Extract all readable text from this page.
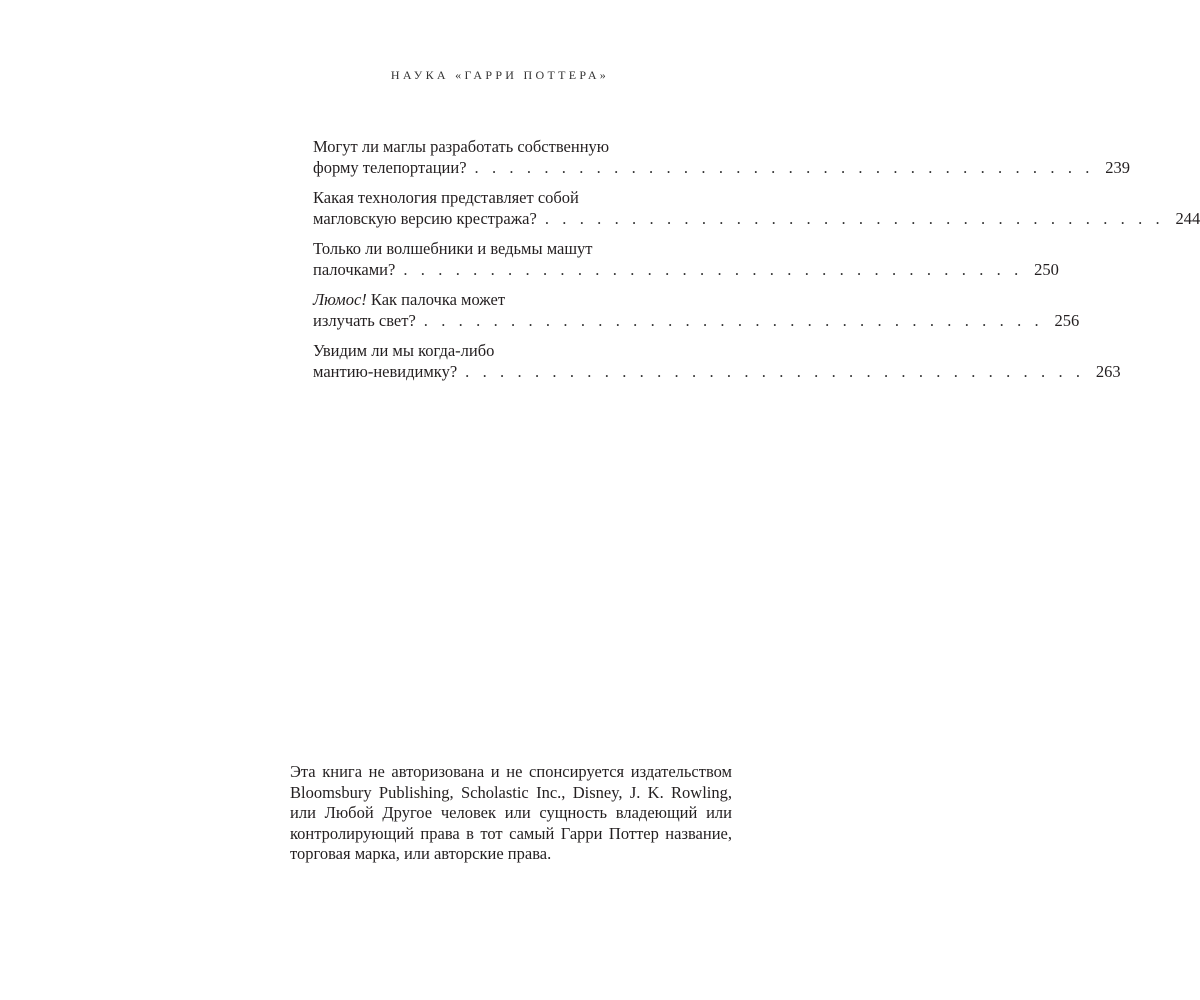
НАУКА «ГАРРИ ПОТТЕРА»
Могут ли маглы разработать собственную
форму телепортации? . . . . . . . . . . . . . . . . . . . . . . . . . . . . . . . . . . . . 239
Какая технология представляет собой
магловскую версию крестража? . . . . . . . . . . . . . . . . . . . . . . . . . . . . . . . . . . . . 244
Только ли волшебники и ведьмы машут
палочками? . . . . . . . . . . . . . . . . . . . . . . . . . . . . . . . . . . . . 250
Люмос! Как палочка может
излучать свет? . . . . . . . . . . . . . . . . . . . . . . . . . . . . . . . . . . . . 256
Увидим ли мы когда-либо
мантию-невидимку? . . . . . . . . . . . . . . . . . . . . . . . . . . . . . . . . . . . . 263
Эта книга не авторизована и не спонсируется издательством Bloomsbury Publishing, Scholastic Inc., Disney, J. K. Rowling, или Любой Другое человек или сущность владеющий или контролирующий права в тот самый Гарри Поттер название, торговая марка, или авторские права.
